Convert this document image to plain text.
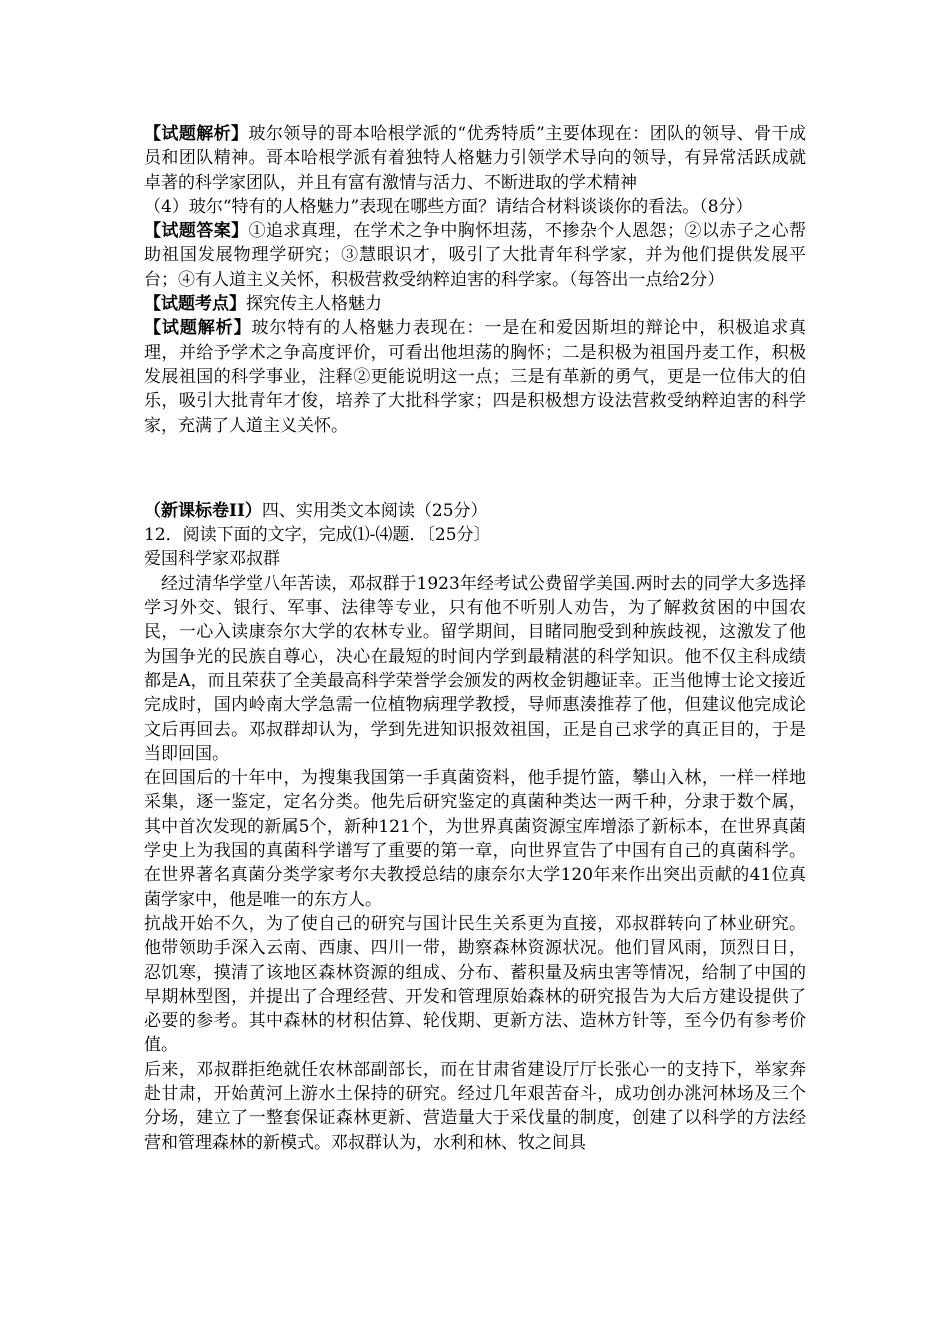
【试题解析】玻尔领导的哥本哈根学派的“优秀特质”主要体现在：团队的领导、骨干成员和团队精神。哥本哈根学派有着独特人格魅力引领学术导向的领导，有异常活跃成就卓著的科学家团队，并且有富有激情与活力、不断进取的学术精神

（4）玻尔“特有的人格魅力”表现在哪些方面？请结合材料谈谈你的看法。（8分）

【试题答案】①追求真理，在学术之争中胸怀坦荡，不掺杂个人恩怨；②以赤子之心帮助祖国发展物理学研究；③慧眼识才，吸引了大批青年科学家，并为他们提供发展平台；④有人道主义关怀，积极营救受纳粹迫害的科学家。（每答出一点给2分）

【试题考点】探究传主人格魅力

【试题解析】玻尔特有的人格魅力表现在：一是在和爱因斯坦的辩论中，积极追求真理，并给予学术之争高度评价，可看出他坦荡的胸怀；二是积极为祖国丹麦工作，积极发展祖国的科学事业，注释②更能说明这一点；三是有革新的勇气，更是一位伟大的伯乐，吸引大批青年才俊，培养了大批科学家；四是积极想方设法营救受纳粹迫害的科学家，充满了人道主义关怀。

（新课标卷II）四、实用类文本阅读（25分）

12．阅读下面的文字，完成⑴-⑷题．〔25分〕

爱国科学家邓叔群

经过清华学堂八年苦读，邓叔群于1923年经考试公费留学美国.两时去的同学大多选择学习外交、银行、军事、法律等专业，只有他不听别人劝告，为了解救贫困的中国农民，一心入读康奈尔大学的农林专业。留学期间，目睹同胞受到种族歧视，这激发了他为国争光的民族自尊心，决心在最短的时间内学到最精湛的科学知识。他不仅主科成绩都是A，而且荣获了全美最高科学荣誉学会颁发的两枚金钥趣证幸。正当他博士论文接近完成时，国内岭南大学急需一位植物病理学教授，导师惠湊推荐了他，但建议他完成论文后再回去。邓叔群却认为，学到先进知识报效祖国，正是自己求学的真正目的，于是当即回国。

在回国后的十年中，为搜集我国第一手真菌资料，他手提竹篮，攀山入林，一样一样地采集，逐一鉴定，定名分类。他先后研究鉴定的真菌种类达一两千种，分隶于数个属，其中首次发现的新属5个，新种121个，为世界真菌资源宝库增添了新标本，在世界真菌学史上为我国的真菌科学谱写了重要的第一章，向世界宣告了中国有自己的真菌科学。在世界著名真菌分类学家考尔夫教授总结的康奈尔大学120年来作出突出贡献的41位真菌学家中，他是唯一的东方人。

抗战开始不久，为了使自己的研究与国计民生关系更为直接，邓叔群转向了林业研究。他带领助手深入云南、西康、四川一带，勘察森林资源状况。他们冒风雨，顶烈日日，忍饥寒，摸清了该地区森林资源的组成、分布、蓄积量及病虫害等情况，给制了中国的早期林型图，并提出了合理经营、开发和管理原始森林的研究报告为大后方建设提供了必要的参考。其中森林的材积估算、轮伐期、更新方法、造林方针等，至今仍有参考价值。

后来，邓叔群拒绝就任农林部副部长，而在甘肃省建设厅厅长张心一的支持下，举家奔赴甘肃，开始黄河上游水土保持的研究。经过几年艰苦奋斗，成功创办洮河林场及三个分场，建立了一整套保证森林更新、营造量大于采伐量的制度，创建了以科学的方法经营和管理森林的新模式。邓叔群认为，水利和林、牧之间具
